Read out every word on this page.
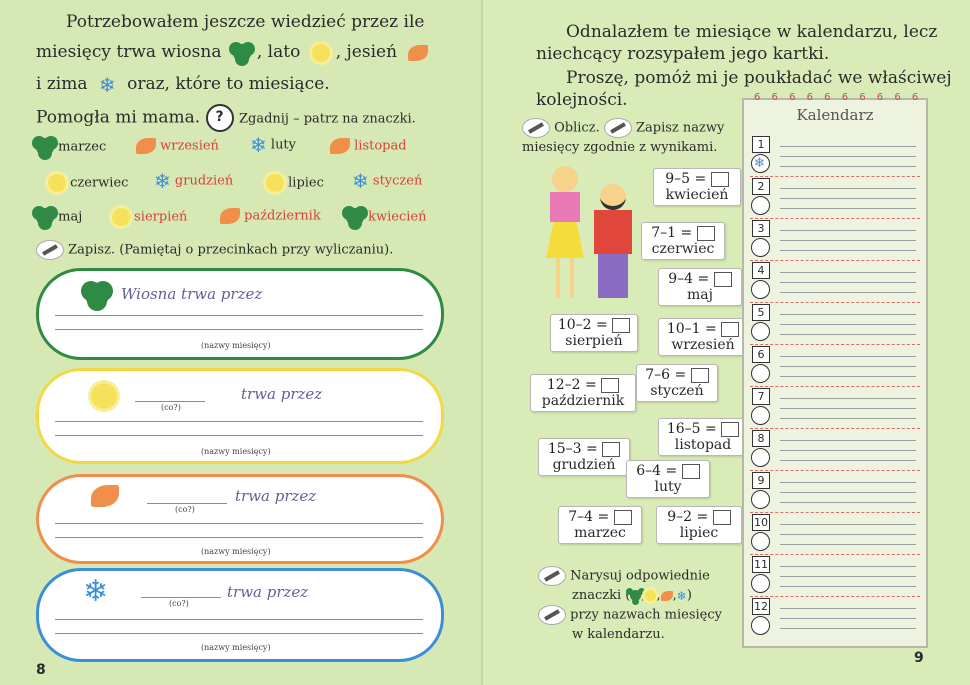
Potrzebowałem jeszcze wiedzieć przez ile
miesięcy trwa wiosna , lato , jesień
i zima ❄ oraz, które to miesiące.
Pomogła mi mama. ? Zgadnij – patrz na znaczki.
marzec	wrzesień ❄ luty	listopad
czerwiec ❄ grudzień	lipiec ❄ styczeń
maj	sierpień	październik	kwiecień
Zapisz. (Pamiętaj o przecinkach przy wyliczaniu).
Wiosna trwa przez
(nazwy miesięcy)
(co?)
trwa przez
(nazwy miesięcy)
(co?)
trwa przez
(nazwy miesięcy)
❄	(co?)
trwa przez
(nazwy miesięcy)
8
Odnalazłem te miesiące w kalendarzu, lecz
niechcący rozsypałem jego kartki.
Proszę, pomóż mi je poukładać we właściwej
kolejności.
Oblicz.	Zapisz nazwy
miesięcy zgodnie z wynikami.
9–5 =
kwiecień
7–1 =
czerwiec
9–4 =
maj
10–2 =
sierpień
10–1 =
wrzesień
12–2 =
październik
7–6 =
styczeń
16–5 =
listopad
15–3 =
grudzień	6–4 =
luty
7–4 =
marzec
9–2 =
lipiec
Narysuj odpowiednie
znaczki ( , , ,❄)
przy nazwach miesięcy
w kalendarzu.
6 6 6 6 6 6 6 6 6 6
Kalendarz
1
❄
2
3
4
5
6
7
8
9
10
11
12
9
